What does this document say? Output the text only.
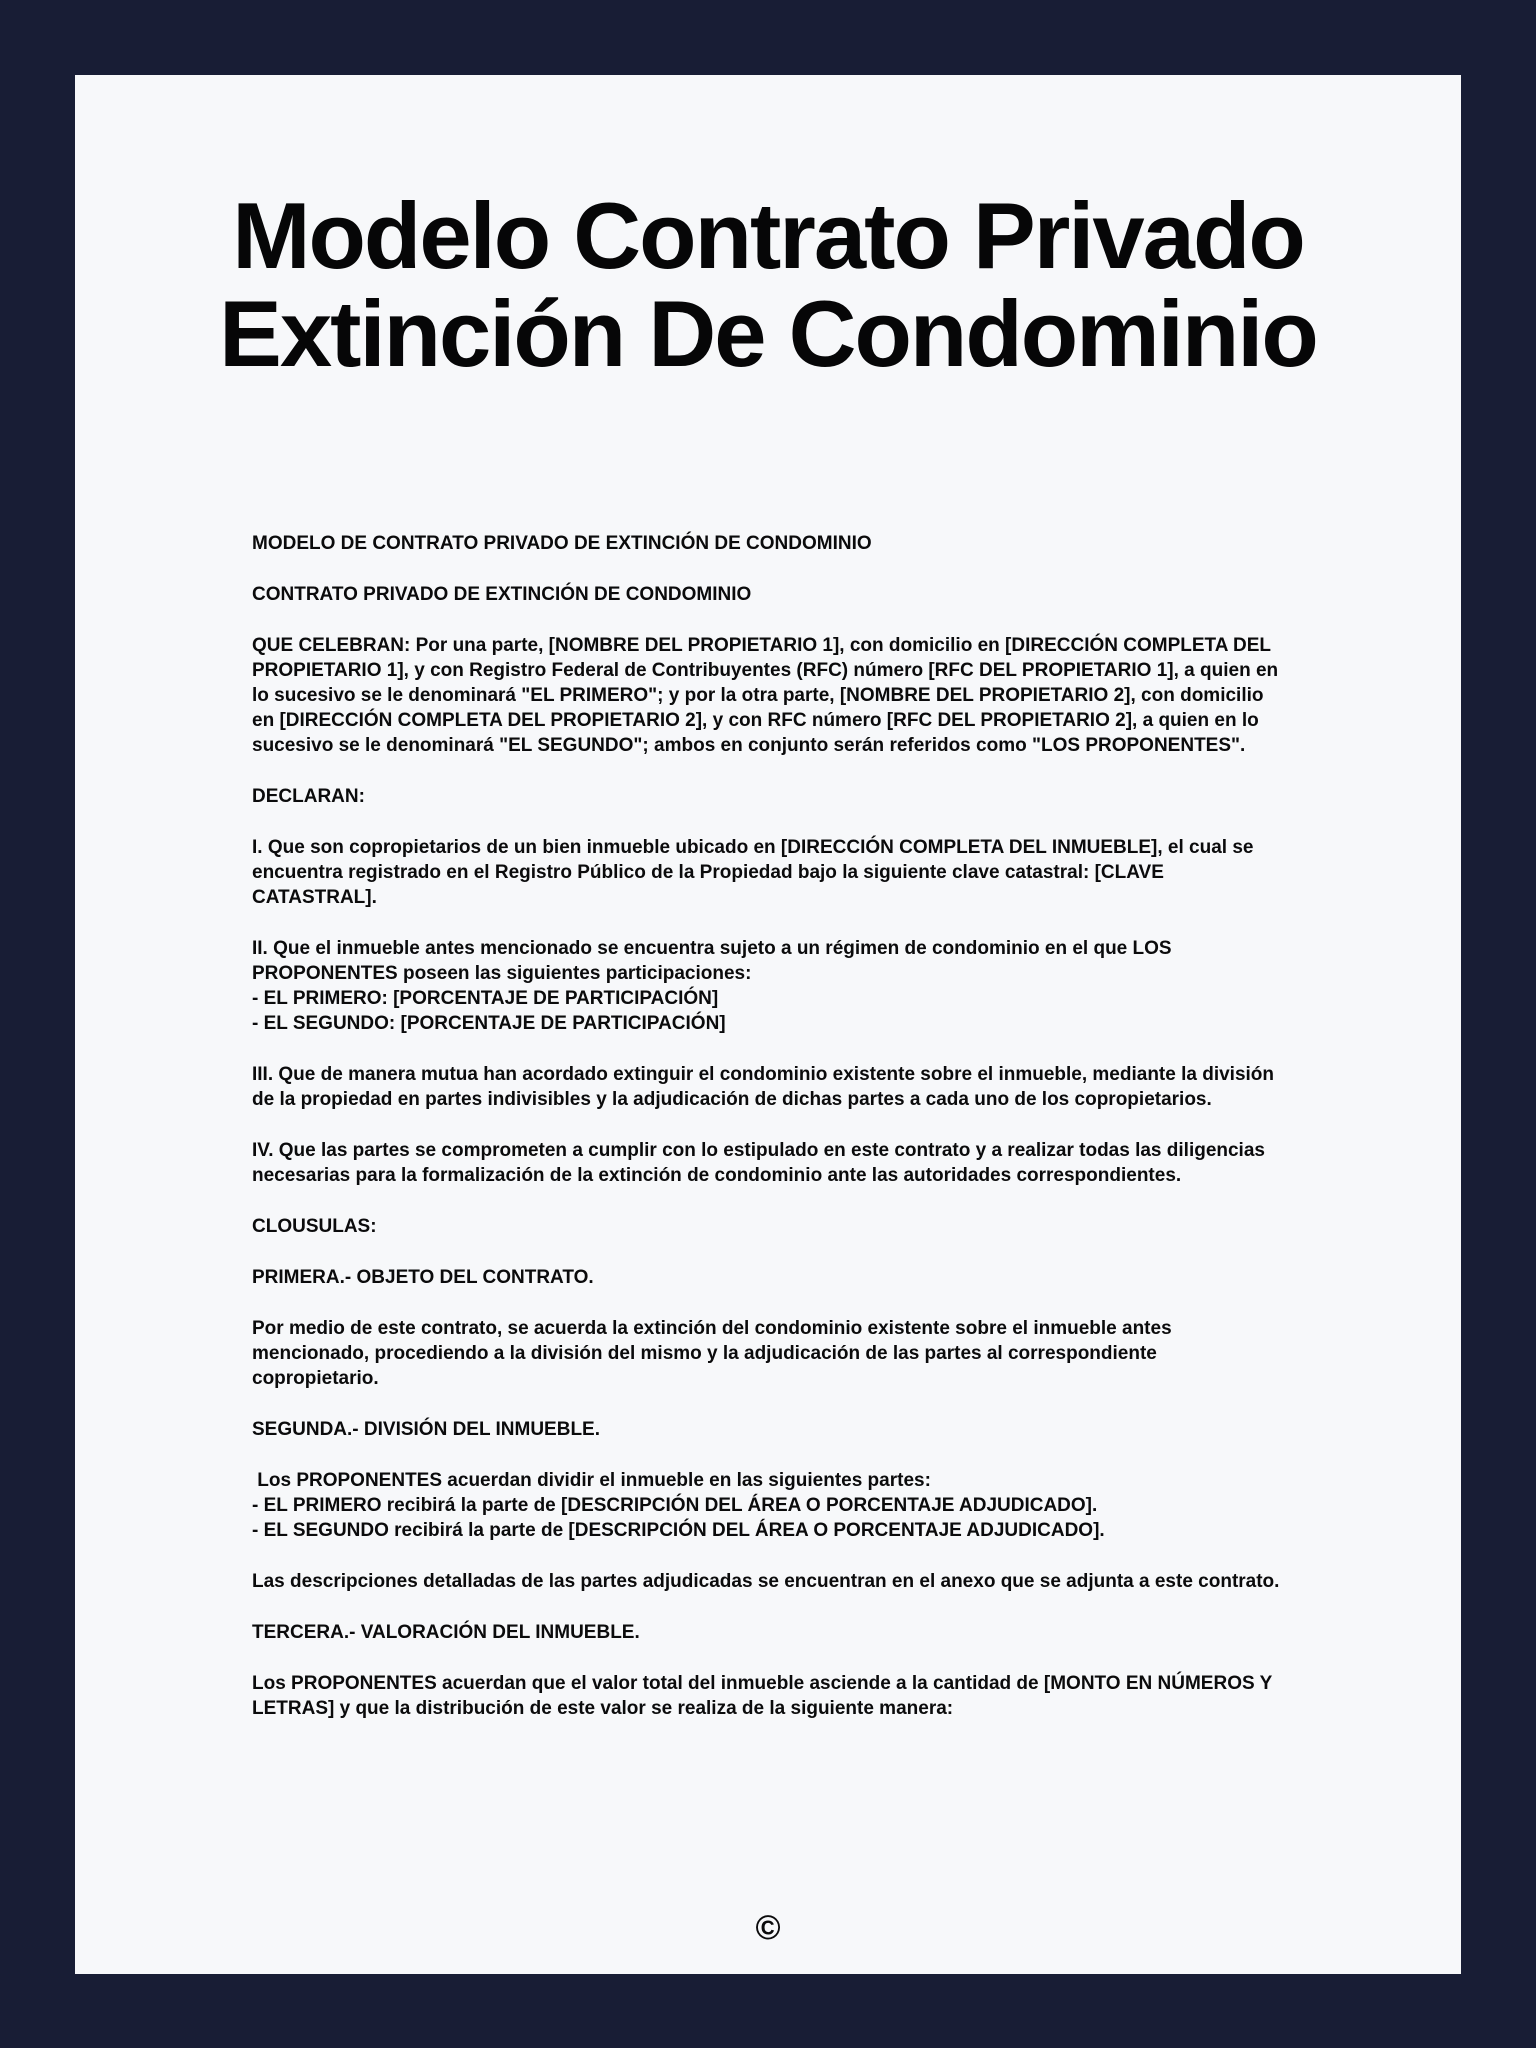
Modelo Contrato Privado Extinción De Condominio

MODELO DE CONTRATO PRIVADO DE EXTINCIÓN DE CONDOMINIO

CONTRATO PRIVADO DE EXTINCIÓN DE CONDOMINIO

QUE CELEBRAN: Por una parte, [NOMBRE DEL PROPIETARIO 1], con domicilio en [DIRECCIÓN COMPLETA DEL PROPIETARIO 1], y con Registro Federal de Contribuyentes (RFC) número [RFC DEL PROPIETARIO 1], a quien en lo sucesivo se le denominará "EL PRIMERO"; y por la otra parte, [NOMBRE DEL PROPIETARIO 2], con domicilio en [DIRECCIÓN COMPLETA DEL PROPIETARIO 2], y con RFC número [RFC DEL PROPIETARIO 2], a quien en lo sucesivo se le denominará "EL SEGUNDO"; ambos en conjunto serán referidos como "LOS PROPONENTES".

DECLARAN:

I. Que son copropietarios de un bien inmueble ubicado en [DIRECCIÓN COMPLETA DEL INMUEBLE], el cual se encuentra registrado en el Registro Público de la Propiedad bajo la siguiente clave catastral: [CLAVE CATASTRAL].

II. Que el inmueble antes mencionado se encuentra sujeto a un régimen de condominio en el que LOS PROPONENTES poseen las siguientes participaciones:
- EL PRIMERO: [PORCENTAJE DE PARTICIPACIÓN]
- EL SEGUNDO: [PORCENTAJE DE PARTICIPACIÓN]

III. Que de manera mutua han acordado extinguir el condominio existente sobre el inmueble, mediante la división de la propiedad en partes indivisibles y la adjudicación de dichas partes a cada uno de los copropietarios.

IV. Que las partes se comprometen a cumplir con lo estipulado en este contrato y a realizar todas las diligencias necesarias para la formalización de la extinción de condominio ante las autoridades correspondientes.

CLOUSULAS:

PRIMERA.- OBJETO DEL CONTRATO.

Por medio de este contrato, se acuerda la extinción del condominio existente sobre el inmueble antes mencionado, procediendo a la división del mismo y la adjudicación de las partes al correspondiente copropietario.

SEGUNDA.- DIVISIÓN DEL INMUEBLE.

Los PROPONENTES acuerdan dividir el inmueble en las siguientes partes:
- EL PRIMERO recibirá la parte de [DESCRIPCIÓN DEL ÁREA O PORCENTAJE ADJUDICADO].
- EL SEGUNDO recibirá la parte de [DESCRIPCIÓN DEL ÁREA O PORCENTAJE ADJUDICADO].

Las descripciones detalladas de las partes adjudicadas se encuentran en el anexo que se adjunta a este contrato.

TERCERA.- VALORACIÓN DEL INMUEBLE.

Los PROPONENTES acuerdan que el valor total del inmueble asciende a la cantidad de [MONTO EN NÚMEROS Y LETRAS] y que la distribución de este valor se realiza de la siguiente manera:

©
